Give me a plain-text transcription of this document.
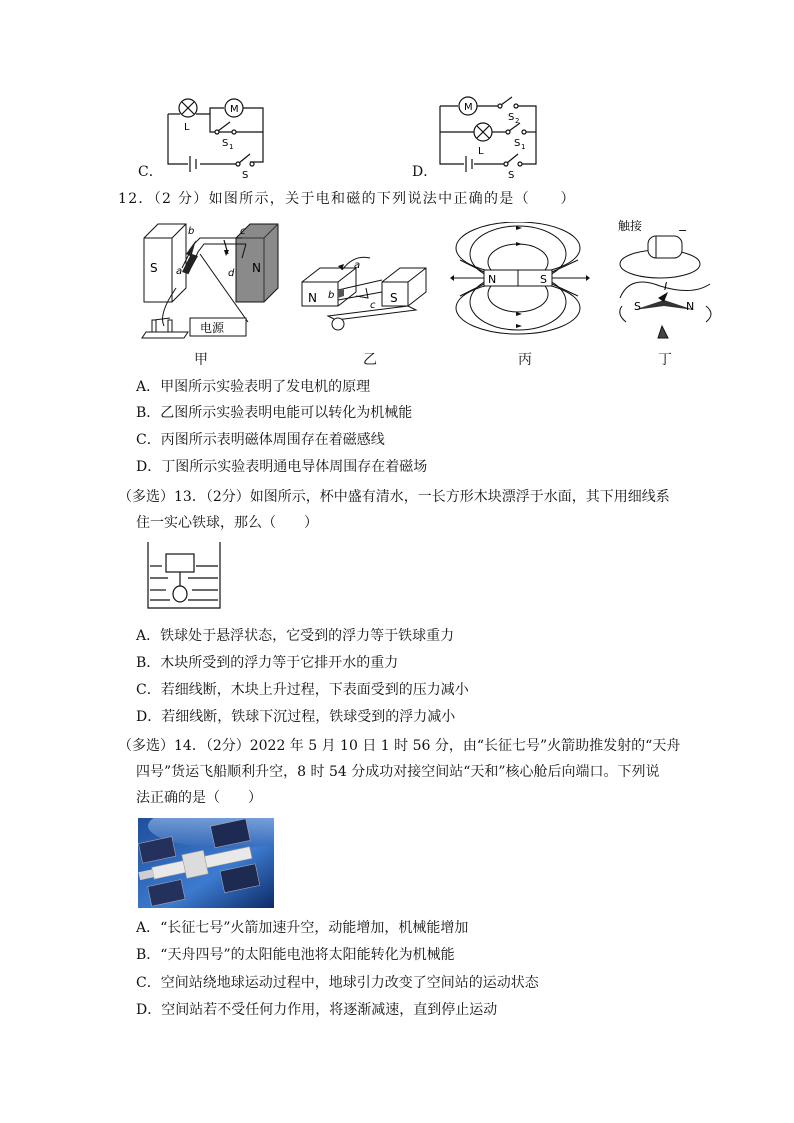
M
L
S 1
S
C．
M
S 2
L
S 1
S
D．
12．（2 分）如图所示，关于电和磁的下列说法中正确的是（　　）
S	N
a
b	c
d
电源
N	S
a
b
c
N	S
触接	−
I
S	N
甲	乙	丙	丁
A．甲图所示实验表明了发电机的原理
B．乙图所示实验表明电能可以转化为机械能
C．丙图所示表明磁体周围存在着磁感线
D．丁图所示实验表明通电导体周围存在着磁场
（多选）13．（2分）如图所示，杯中盛有清水，一长方形木块漂浮于水面，其下用细线系
住一实心铁球，那么（　　）
A．铁球处于悬浮状态，它受到的浮力等于铁球重力
B．木块所受到的浮力等于它排开水的重力
C．若细线断，木块上升过程，下表面受到的压力减小
D．若细线断，铁球下沉过程，铁球受到的浮力减小
（多选）14．（2分）2022 年 5 月 10 日 1 时 56 分，由“长征七号”火箭助推发射的“天舟
四号”货运飞船顺利升空，8 时 54 分成功对接空间站“天和”核心舱后向端口。下列说
法正确的是（　　）
A．“长征七号”火箭加速升空，动能增加，机械能增加
B．“天舟四号”的太阳能电池将太阳能转化为机械能
C．空间站绕地球运动过程中，地球引力改变了空间站的运动状态
D．空间站若不受任何力作用，将逐渐减速，直到停止运动
